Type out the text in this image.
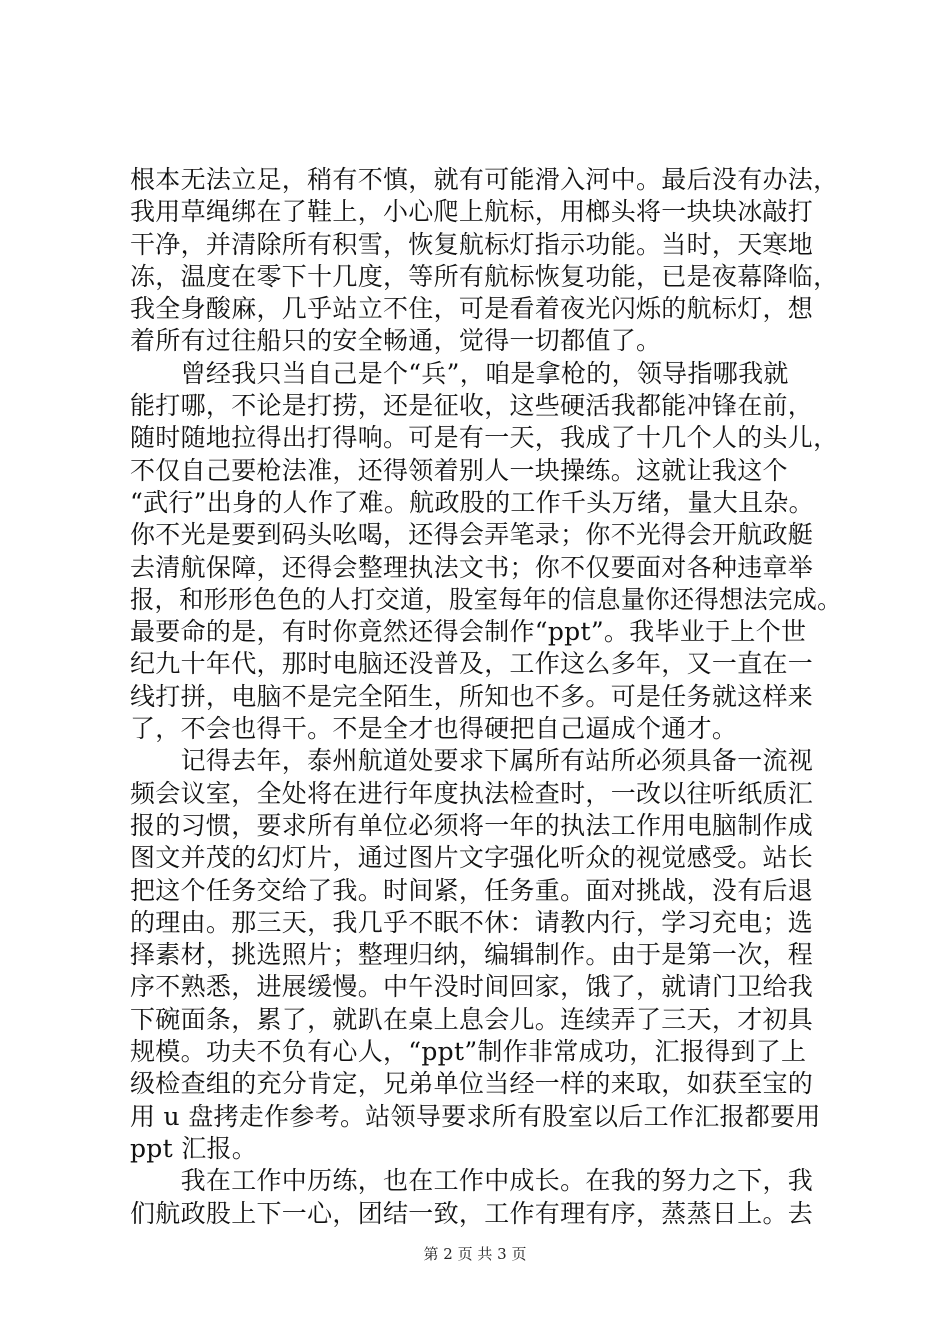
根本无法立足，稍有不慎，就有可能滑入河中。最后没有办法，
我用草绳绑在了鞋上，小心爬上航标，用榔头将一块块冰敲打
干净，并清除所有积雪，恢复航标灯指示功能。当时，天寒地
冻，温度在零下十几度，等所有航标恢复功能，已是夜幕降临，
我全身酸麻，几乎站立不住，可是看着夜光闪烁的航标灯，想
着所有过往船只的安全畅通，觉得一切都值了。
　　曾经我只当自己是个“兵”，咱是拿枪的，领导指哪我就
能打哪，不论是打捞，还是征收，这些硬活我都能冲锋在前，
随时随地拉得出打得响。可是有一天，我成了十几个人的头儿，
不仅自己要枪法准，还得领着别人一块操练。这就让我这个
“武行”出身的人作了难。航政股的工作千头万绪，量大且杂。
你不光是要到码头吆喝，还得会弄笔录；你不光得会开航政艇
去清航保障，还得会整理执法文书；你不仅要面对各种违章举
报，和形形色色的人打交道，股室每年的信息量你还得想法完成。
最要命的是，有时你竟然还得会制作“ppt”。我毕业于上个世
纪九十年代，那时电脑还没普及，工作这么多年，又一直在一
线打拼，电脑不是完全陌生，所知也不多。可是任务就这样来
了，不会也得干。不是全才也得硬把自己逼成个通才。
　　记得去年，泰州航道处要求下属所有站所必须具备一流视
频会议室，全处将在进行年度执法检查时，一改以往听纸质汇
报的习惯，要求所有单位必须将一年的执法工作用电脑制作成
图文并茂的幻灯片，通过图片文字强化听众的视觉感受。站长
把这个任务交给了我。时间紧，任务重。面对挑战，没有后退
的理由。那三天，我几乎不眠不休：请教内行，学习充电；选
择素材，挑选照片；整理归纳，编辑制作。由于是第一次，程
序不熟悉，进展缓慢。中午没时间回家，饿了，就请门卫给我
下碗面条，累了，就趴在桌上息会儿。连续弄了三天，才初具
规模。功夫不负有心人，“ppt”制作非常成功，汇报得到了上
级检查组的充分肯定，兄弟单位当经一样的来取，如获至宝的
用 u 盘拷走作参考。站领导要求所有股室以后工作汇报都要用
ppt 汇报。
　　我在工作中历练，也在工作中成长。在我的努力之下，我
们航政股上下一心，团结一致，工作有理有序，蒸蒸日上。去
第 2 页 共 3 页
